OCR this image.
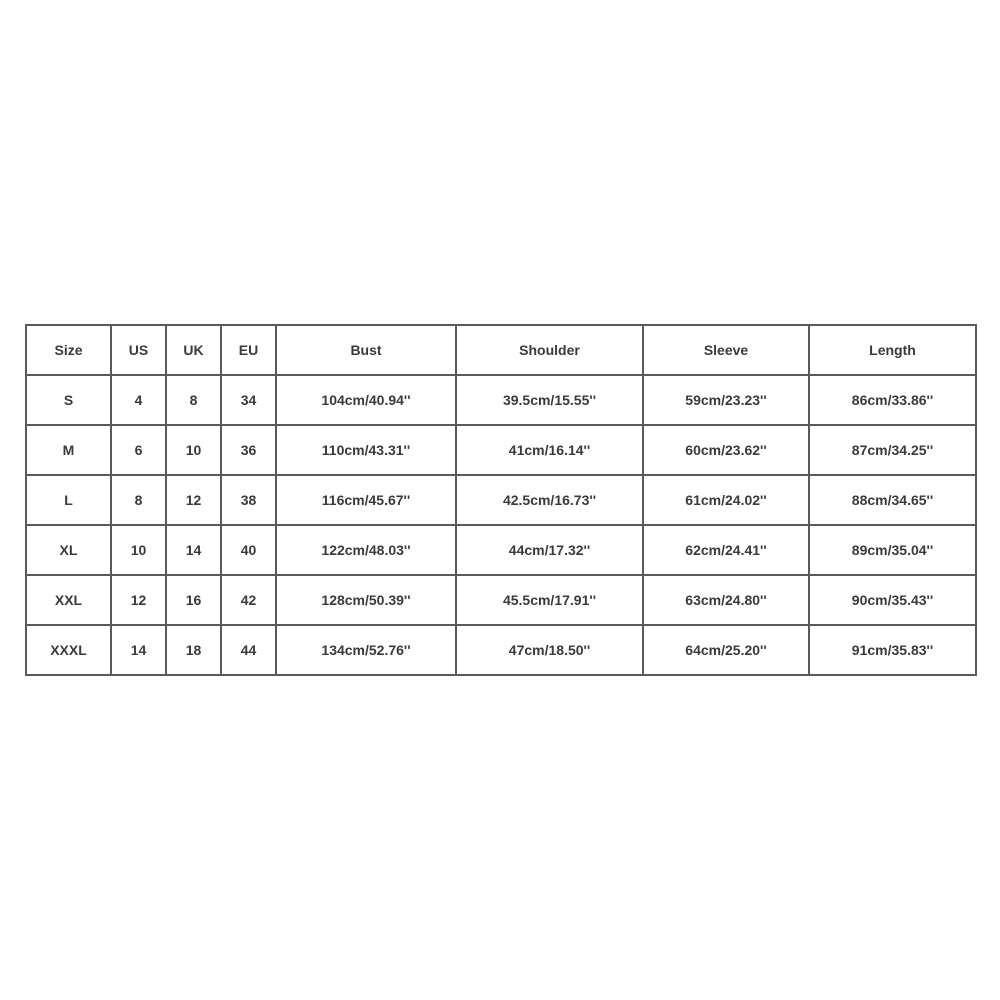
Size	US	UK	EU	Bust	Shoulder	Sleeve	Length
S	4	8	34	104cm/40.94''	39.5cm/15.55''	59cm/23.23''	86cm/33.86''
M	6	10	36	110cm/43.31''	41cm/16.14''	60cm/23.62''	87cm/34.25''
L	8	12	38	116cm/45.67''	42.5cm/16.73''	61cm/24.02''	88cm/34.65''
XL	10	14	40	122cm/48.03''	44cm/17.32''	62cm/24.41''	89cm/35.04''
XXL	12	16	42	128cm/50.39''	45.5cm/17.91''	63cm/24.80''	90cm/35.43''
XXXL	14	18	44	134cm/52.76''	47cm/18.50''	64cm/25.20''	91cm/35.83''
